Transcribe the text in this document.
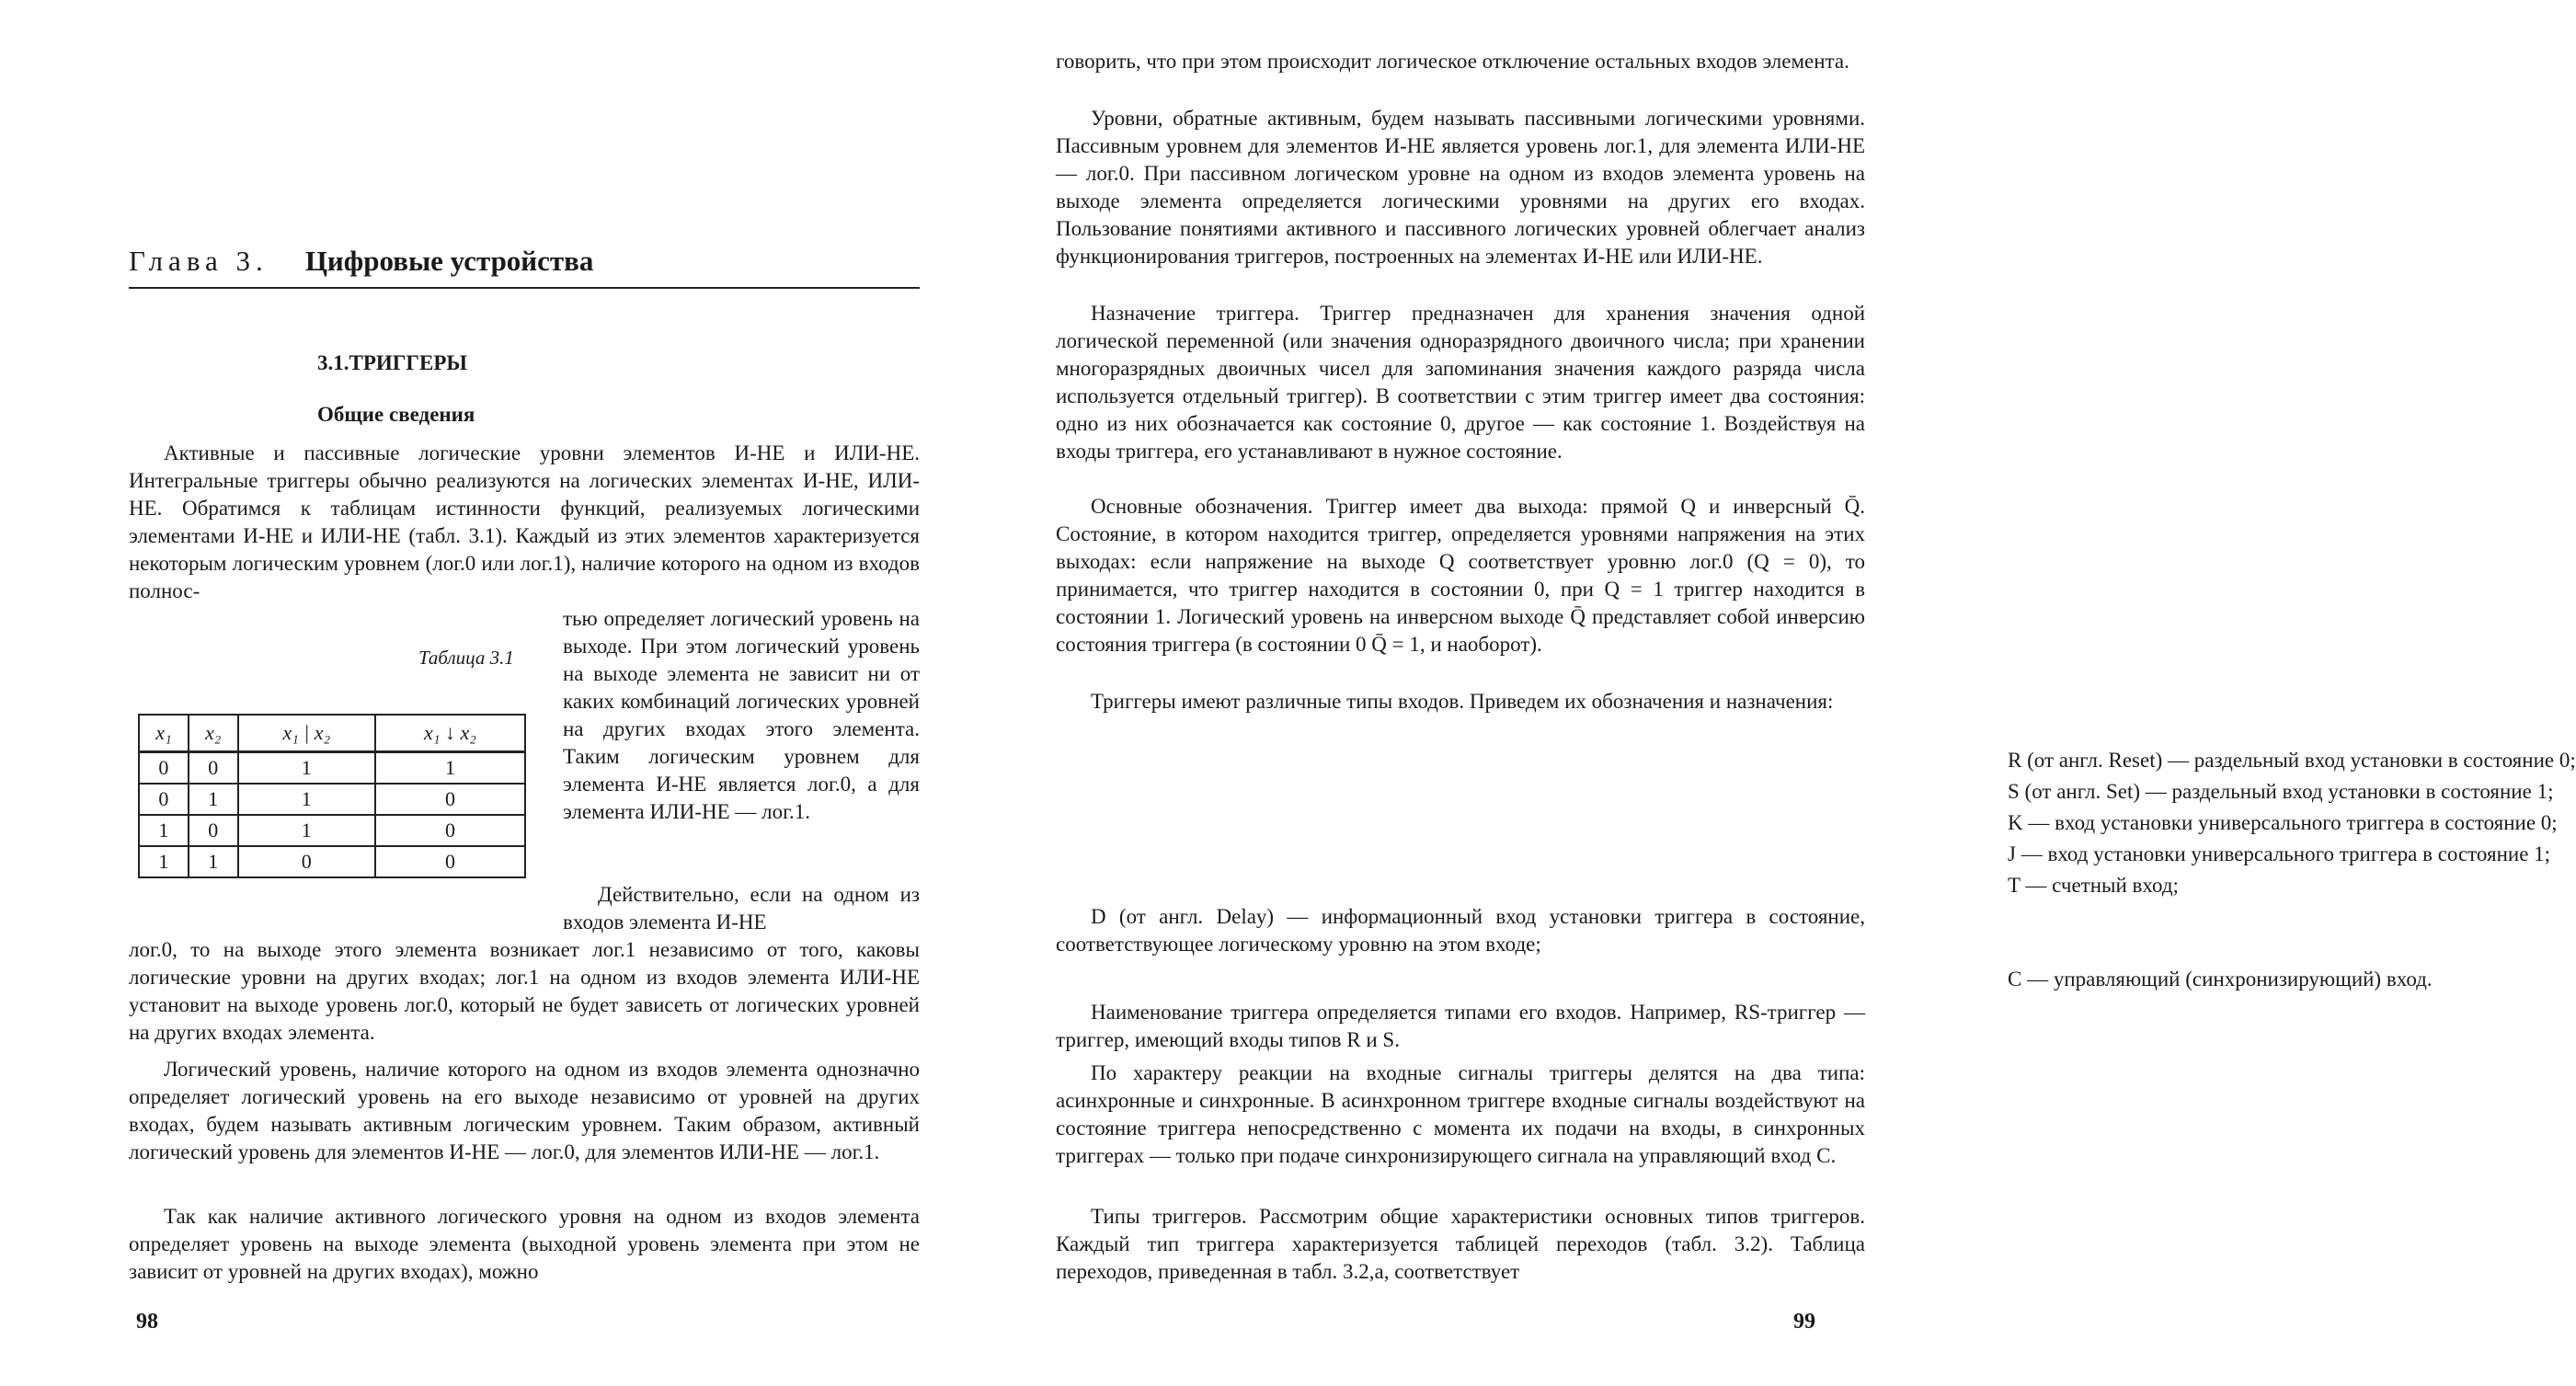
Глава 3. Цифровые устройства
3.1.ТРИГГЕРЫ
Общие сведения

Активные и пассивные логические уровни элементов И-НЕ и ИЛИ-НЕ. Интегральные триггеры обычно реализуются на логических элементах И-НЕ, ИЛИ-НЕ. Обратимся к таблицам истинности функций, реализуемых логическими элементами И-НЕ и ИЛИ-НЕ (табл. 3.1). Каждый из этих элементов характеризуется некоторым логическим уровнем (лог.0 или лог.1), наличие которого на одном из входов полнос-

Таблица 3.1

x₁	x₂	x₁ | x₂	x₁ ↓ x₂
0	0	1	1
0	1	1	0
1	0	1	0
1	1	0	0

тью определяет логический уровень на выходе. При этом логический уровень на выходе элемента не зависит ни от каких комбинаций логических уровней на других входах этого элемента. Таким логическим уровнем для элемента И-НЕ является лог.0, а для элемента ИЛИ-НЕ — лог.1.

Действительно, если на одном из входов элемента И-НЕ

лог.0, то на выходе этого элемента возникает лог.1 независимо от того, каковы логические уровни на других входах; лог.1 на одном из входов элемента ИЛИ-НЕ установит на выходе уровень лог.0, который не будет зависеть от логических уровней на других входах элемента.

Логический уровень, наличие которого на одном из входов элемента однозначно определяет логический уровень на его выходе независимо от уровней на других входах, будем называть активным логическим уровнем. Таким образом, активный логический уровень для элементов И-НЕ — лог.0, для элементов ИЛИ-НЕ — лог.1.

Так как наличие активного логического уровня на одном из входов элемента определяет уровень на выходе элемента (выходной уровень элемента при этом не зависит от уровней на других входах), можно

98

говорить, что при этом происходит логическое отключение остальных входов элемента.

Уровни, обратные активным, будем называть пассивными логическими уровнями. Пассивным уровнем для элементов И-НЕ является уровень лог.1, для элемента ИЛИ-НЕ — лог.0. При пассивном логическом уровне на одном из входов элемента уровень на выходе элемента определяется логическими уровнями на других его входах. Пользование понятиями активного и пассивного логических уровней облегчает анализ функционирования триггеров, построенных на элементах И-НЕ или ИЛИ-НЕ.

Назначение триггера. Триггер предназначен для хранения значения одной логической переменной (или значения одноразрядного двоичного числа; при хранении многоразрядных двоичных чисел для запоминания значения каждого разряда числа используется отдельный триггер). В соответствии с этим триггер имеет два состояния: одно из них обозначается как состояние 0, другое — как состояние 1. Воздействуя на входы триггера, его устанавливают в нужное состояние.

Основные обозначения. Триггер имеет два выхода: прямой Q и инверсный Q̄. Состояние, в котором находится триггер, определяется уровнями напряжения на этих выходах: если напряжение на выходе Q соответствует уровню лог.0 (Q = 0), то принимается, что триггер находится в состоянии 0, при Q = 1 триггер находится в состоянии 1. Логический уровень на инверсном выходе Q̄ представляет собой инверсию состояния триггера (в состоянии 0 Q̄ = 1, и наоборот).

Триггеры имеют различные типы входов. Приведем их обозначения и назначения:

R (от англ. Reset) — раздельный вход установки в состояние 0;

S (от англ. Set) — раздельный вход установки в состояние 1;

K — вход установки универсального триггера в состояние 0;

J — вход установки универсального триггера в состояние 1;

T — счетный вход;

D (от англ. Delay) — информационный вход установки триггера в состояние, соответствующее логическому уровню на этом входе;

C — управляющий (синхронизирующий) вход.

Наименование триггера определяется типами его входов. Например, RS-триггер — триггер, имеющий входы типов R и S.

По характеру реакции на входные сигналы триггеры делятся на два типа: асинхронные и синхронные. В асинхронном триггере входные сигналы воздействуют на состояние триггера непосредственно с момента их подачи на входы, в синхронных триггерах — только при подаче синхронизирующего сигнала на управляющий вход C.

Типы триггеров. Рассмотрим общие характеристики основных типов триггеров. Каждый тип триггера характеризуется таблицей переходов (табл. 3.2). Таблица переходов, приведенная в табл. 3.2,а, соответствует

99
